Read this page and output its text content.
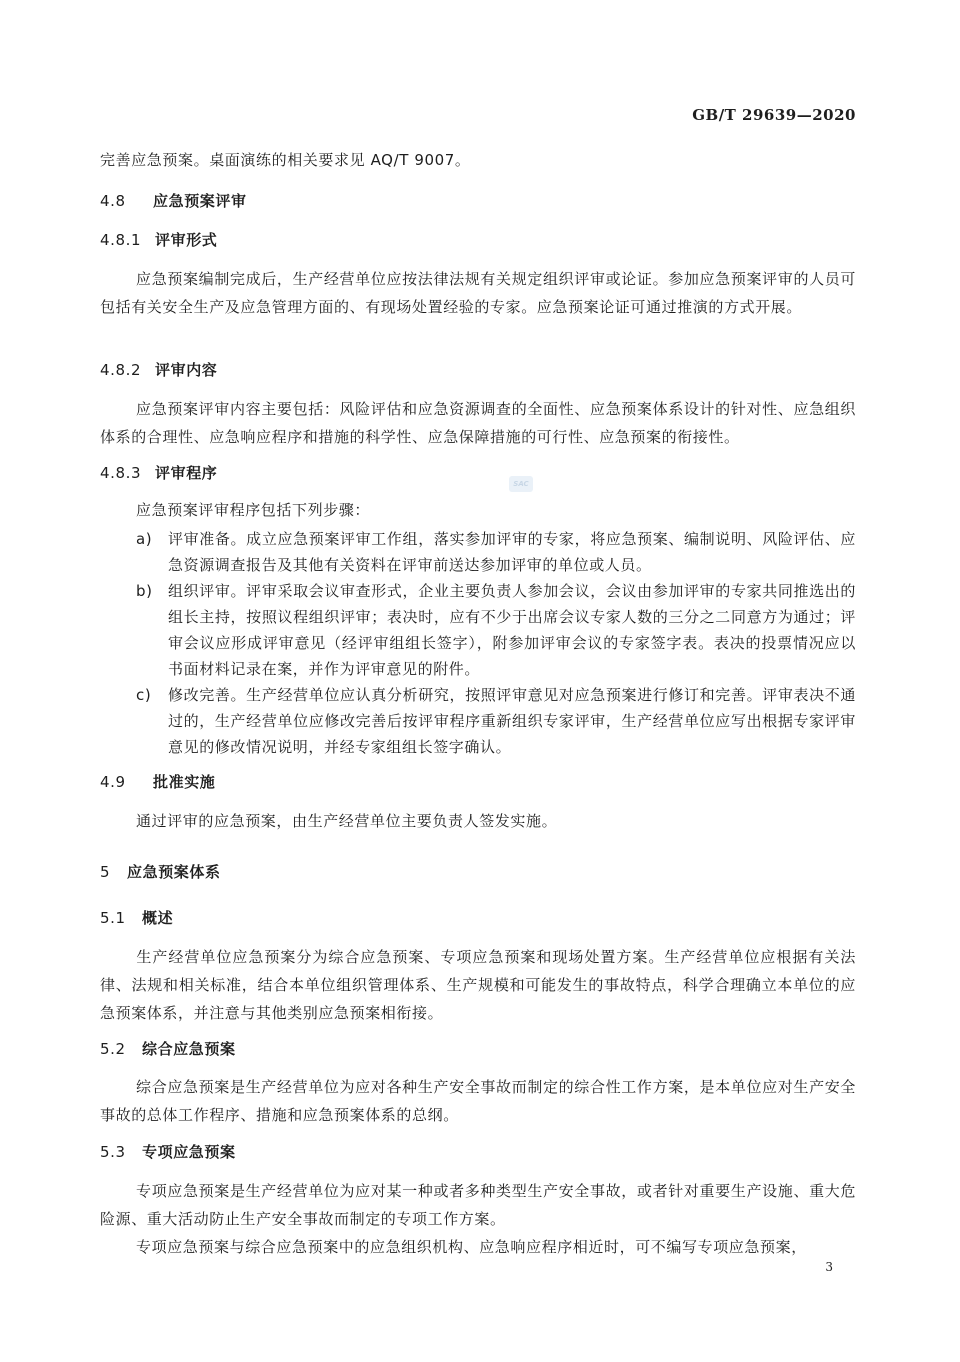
GB/T 29639—2020
完善应急预案。桌面演练的相关要求见 AQ/T 9007。
4.8 应急预案评审
4.8.1 评审形式
应急预案编制完成后，生产经营单位应按法律法规有关规定组织评审或论证。参加应急预案评审的人员可包括有关安全生产及应急管理方面的、有现场处置经验的专家。应急预案论证可通过推演的方式开展。
4.8.2 评审内容
应急预案评审内容主要包括：风险评估和应急资源调查的全面性、应急预案体系设计的针对性、应急组织体系的合理性、应急响应程序和措施的科学性、应急保障措施的可行性、应急预案的衔接性。
4.8.3 评审程序
应急预案评审程序包括下列步骤：
SAC
a)	评审准备。成立应急预案评审工作组，落实参加评审的专家，将应急预案、编制说明、风险评估、应急资源调查报告及其他有关资料在评审前送达参加评审的单位或人员。
b)	组织评审。评审采取会议审查形式，企业主要负责人参加会议，会议由参加评审的专家共同推选出的组长主持，按照议程组织评审；表决时，应有不少于出席会议专家人数的三分之二同意方为通过；评审会议应形成评审意见（经评审组组长签字），附参加评审会议的专家签字表。表决的投票情况应以书面材料记录在案，并作为评审意见的附件。
c)	修改完善。生产经营单位应认真分析研究，按照评审意见对应急预案进行修订和完善。评审表决不通过的，生产经营单位应修改完善后按评审程序重新组织专家评审，生产经营单位应写出根据专家评审意见的修改情况说明，并经专家组组长签字确认。
4.9 批准实施
通过评审的应急预案，由生产经营单位主要负责人签发实施。
5 应急预案体系
5.1 概述
生产经营单位应急预案分为综合应急预案、专项应急预案和现场处置方案。生产经营单位应根据有关法律、法规和相关标准，结合本单位组织管理体系、生产规模和可能发生的事故特点，科学合理确立本单位的应急预案体系，并注意与其他类别应急预案相衔接。
5.2 综合应急预案
综合应急预案是生产经营单位为应对各种生产安全事故而制定的综合性工作方案，是本单位应对生产安全事故的总体工作程序、措施和应急预案体系的总纲。
5.3 专项应急预案
专项应急预案是生产经营单位为应对某一种或者多种类型生产安全事故，或者针对重要生产设施、重大危险源、重大活动防止生产安全事故而制定的专项工作方案。
专项应急预案与综合应急预案中的应急组织机构、应急响应程序相近时，可不编写专项应急预案，
3
